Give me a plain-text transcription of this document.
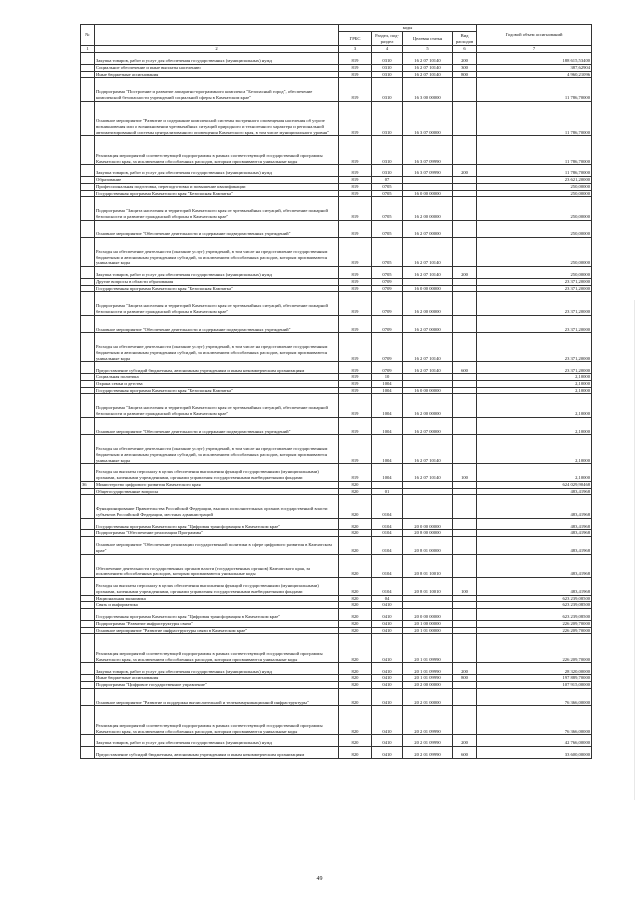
№		коды				Годовой объем ассигнований
		ГРБС	Раздел, под-раздел	Целевая статья	Вид расходов	
1	2	3	4	5	6	7
	Закупка товаров, работ и услуг для обеспечения государственных (муниципальных) нужд	819	0310	16 2 07 10140	200	188 615,53400
	Социальное обеспечение и иные выплаты населению	819	0310	16 2 07 10140	300	387,62904
	Иные бюджетные ассигнования	819	0310	16 2 07 10140	800	4 960,21096
	Подпрограмма "Построение и развитие аппаратно-программного комплекса "Безопасный город", обеспечение комплексной безопасности учреждений социальной сферы в Камчатском крае"	819	0310	16 3 00 00000		11 786,70000
	Основное мероприятие "Развитие и содержание комплексной системы экстренного оповещения населения об угрозе возникновения или о возникновении чрезвычайных ситуаций природного и техногенного характера и региональной автоматизированной системы централизованного оповещения Камчатского края, в том числе муниципального уровня"	819	0310	16 3 07 00000		11 786,70000
	Реализация мероприятий соответствующей подпрограммы в рамках соответствующей государственной программы Камчатского края, за исключением обособленных расходов, которым присваиваются уникальные коды	819	0310	16 3 07 09990		11 786,70000
	Закупка товаров, работ и услуг для обеспечения государственных (муниципальных) нужд	819	0310	16 3 07 09990	200	11 786,70000
	Образование	819	07			23 621,20000
	Профессиональная подготовка, переподготовка и повышение квалификации	819	0705			250,00000
	Государственная программа Камчатского края "Безопасная Камчатка"	819	0705	16 0 00 00000		250,00000
	Подпрограмма "Защита населения и территорий Камчатского края от чрезвычайных ситуаций, обеспечение пожарной безопасности и развитие гражданской обороны в Камчатском крае"	819	0705	16 2 00 00000		250,00000
	Основное мероприятие "Обеспечение деятельности и содержание подведомственных учреждений"	819	0705	16 2 07 00000		250,00000
	Расходы на обеспечение деятельности (оказание услуг) учреждений, в том числе на предоставление государственным бюджетным и автономным учреждениям субсидий, за исключением обособленных расходов, которым присваиваются уникальные коды	819	0705	16 2 07 10140		250,00000
	Закупка товаров, работ и услуг для обеспечения государственных (муниципальных) нужд	819	0705	16 2 07 10140	200	250,00000
	Другие вопросы в области образования	819	0709			23 371,20000
	Государственная программа Камчатского края "Безопасная Камчатка"	819	0709	16 0 00 00000		23 371,20000
	Подпрограмма "Защита населения и территорий Камчатского края от чрезвычайных ситуаций, обеспечение пожарной безопасности и развитие гражданской обороны в Камчатском крае"	819	0709	16 2 00 00000		23 371,20000
	Основное мероприятие "Обеспечение деятельности и содержание подведомственных учреждений"	819	0709	16 2 07 00000		23 371,20000
	Расходы на обеспечение деятельности (оказание услуг) учреждений, в том числе на предоставление государственным бюджетным и автономным учреждениям субсидий, за исключением обособленных расходов, которым присваиваются уникальные коды	819	0709	16 2 07 10140		23 371,20000
	Предоставление субсидий бюджетным, автономным учреждениям и иным некоммерческим организациям	819	0709	16 2 07 10140	600	23 371,20000
	Социальная политика	819	10			2,10000
	Охрана семьи и детства	819	1004			2,10000
	Государственная программа Камчатского края "Безопасная Камчатка"	819	1004	16 0 00 00000		2,10000
	Подпрограмма "Защита населения и территорий Камчатского края от чрезвычайных ситуаций, обеспечение пожарной безопасности и развитие гражданской обороны в Камчатском крае"	819	1004	16 2 00 00000		2,10000
	Основное мероприятие "Обеспечение деятельности и содержание подведомственных учреждений"	819	1004	16 2 07 00000		2,10000
	Расходы на обеспечение деятельности (оказание услуг) учреждений, в том числе на предоставление государственным бюджетным и автономным учреждениям субсидий, за исключением обособленных расходов, которым присваиваются уникальные коды	819	1004	16 2 07 10140		2,10000
	Расходы на выплаты персоналу в целях обеспечения выполнения функций государственными (муниципальными) органами, казенными учреждениями, органами управления государственными внебюджетными фондами	819	1004	16 2 07 10140	100	2,10000
36	Министерство цифрового развития Камчатского края	820				624 029,90468
	Общегосударственные вопросы	820	01			483,41968
	Функционирование Правительства Российской Федерации, высших исполнительных органов государственной власти субъектов Российской Федерации, местных администраций	820	0104			483,41968
	Государственная программа Камчатского края "Цифровая трансформация в Камчатском крае"	820	0104	20 0 00 00000		483,41968
	Подпрограмма "Обеспечение реализации Программы"	820	0104	20 8 00 00000		483,41968
	Основное мероприятие "Обеспечение реализации государственной политики в сфере цифрового развития в Камчатском крае"	820	0104	20 8 01 00000		483,41968
	Обеспечение деятельности государственных органов власти (государственных органов) Камчатского края, за исключением обособленных расходов, которым присваиваются уникальные коды	820	0104	20 8 01 10010		483,41968
	Расходы на выплаты персоналу в целях обеспечения выполнения функций государственными (муниципальными) органами, казенными учреждениями, органами управления государственными внебюджетными фондами	820	0104	20 8 01 10010	100	483,41968
	Национальная экономика	820	04			623 239,08500
	Связь и информатика	820	0410			623 239,08500
	Государственная программа Камчатского края "Цифровая трансформация в Камчатском крае"	820	0410	20 0 00 00000		623 239,08500
	Подпрограмма "Развитие инфраструктуры связи"	820	0410	20 1 00 00000		226 209,70000
	Основное мероприятие "Развитие инфраструктуры связи в Камчатском крае"	820	0410	20 1 01 00000		226 209,70000
	Реализация мероприятий соответствующей подпрограммы в рамках соответствующей государственной программы Камчатского края, за исключением обособленных расходов, которым присваиваются уникальные коды	820	0410	20 1 01 09990		226 209,70000
	Закупка товаров, работ и услуг для обеспечения государственных (муниципальных) нужд	820	0410	20 1 01 09990	200	28 320,00000
	Иные бюджетные ассигнования	820	0410	20 1 01 09990	800	197 889,70000
	Подпрограмма "Цифровое государственное управление"	820	0410	20 2 00 00000		107 915,00000
	Основное мероприятие "Развитие и поддержка вычислительной и телекоммуникационной инфраструктуры"	820	0410	20 2 01 00000		76 366,00000
	Реализация мероприятий соответствующей подпрограммы в рамках соответствующей государственной программы Камчатского края, за исключением обособленных расходов, которым присваиваются уникальные коды	820	0410	20 2 01 09990		76 366,00000
	Закупка товаров, работ и услуг для обеспечения государственных (муниципальных) нужд	820	0410	20 2 01 09990	200	42 766,00000
	Предоставление субсидий бюджетным, автономным учреждениям и иным некоммерческим организациям	820	0410	20 2 01 09990	600	33 600,00000
49
